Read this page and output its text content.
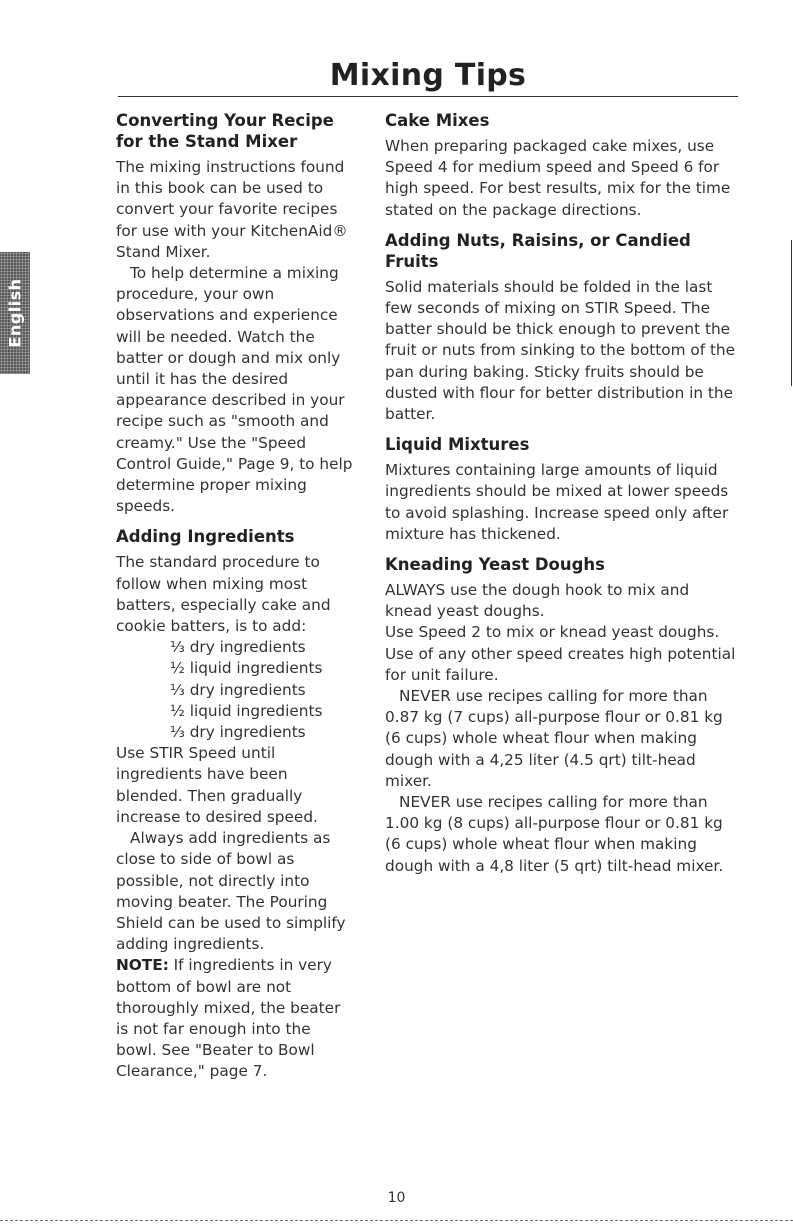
Mixing Tips
English
Converting Your Recipe for the Stand Mixer

The mixing instructions found in this book can be used to convert your favorite recipes for use with your KitchenAid® Stand Mixer.

To help determine a mixing procedure, your own observations and experience will be needed. Watch the batter or dough and mix only until it has the desired appearance described in your recipe such as "smooth and creamy." Use the "Speed Control Guide," Page 9, to help determine proper mixing speeds.

Adding Ingredients

The standard procedure to follow when mixing most batters, especially cake and cookie batters, is to add:

⅓ dry ingredients
½ liquid ingredients
⅓ dry ingredients
½ liquid ingredients
⅓ dry ingredients

Use STIR Speed until ingredients have been blended. Then gradually increase to desired speed.

Always add ingredients as close to side of bowl as possible, not directly into moving beater. The Pouring Shield can be used to simplify adding ingredients.

NOTE: If ingredients in very bottom of bowl are not thoroughly mixed, the beater is not far enough into the bowl. See "Beater to Bowl Clearance," page 7.

Cake Mixes

When preparing packaged cake mixes, use Speed 4 for medium speed and Speed 6 for high speed. For best results, mix for the time stated on the package directions.

Adding Nuts, Raisins, or Candied Fruits

Solid materials should be folded in the last few seconds of mixing on STIR Speed. The batter should be thick enough to prevent the fruit or nuts from sinking to the bottom of the pan during baking. Sticky fruits should be dusted with flour for better distribution in the batter.

Liquid Mixtures

Mixtures containing large amounts of liquid ingredients should be mixed at lower speeds to avoid splashing. Increase speed only after mixture has thickened.

Kneading Yeast Doughs

ALWAYS use the dough hook to mix and knead yeast doughs.

Use Speed 2 to mix or knead yeast doughs. Use of any other speed creates high potential for unit failure.

NEVER use recipes calling for more than 0.87 kg (7 cups) all-purpose flour or 0.81 kg (6 cups) whole wheat flour when making dough with a 4,25 liter (4.5 qrt) tilt-head mixer.

NEVER use recipes calling for more than 1.00 kg (8 cups) all-purpose flour or 0.81 kg (6 cups) whole wheat flour when making dough with a 4,8 liter (5 qrt) tilt-head mixer.

10
